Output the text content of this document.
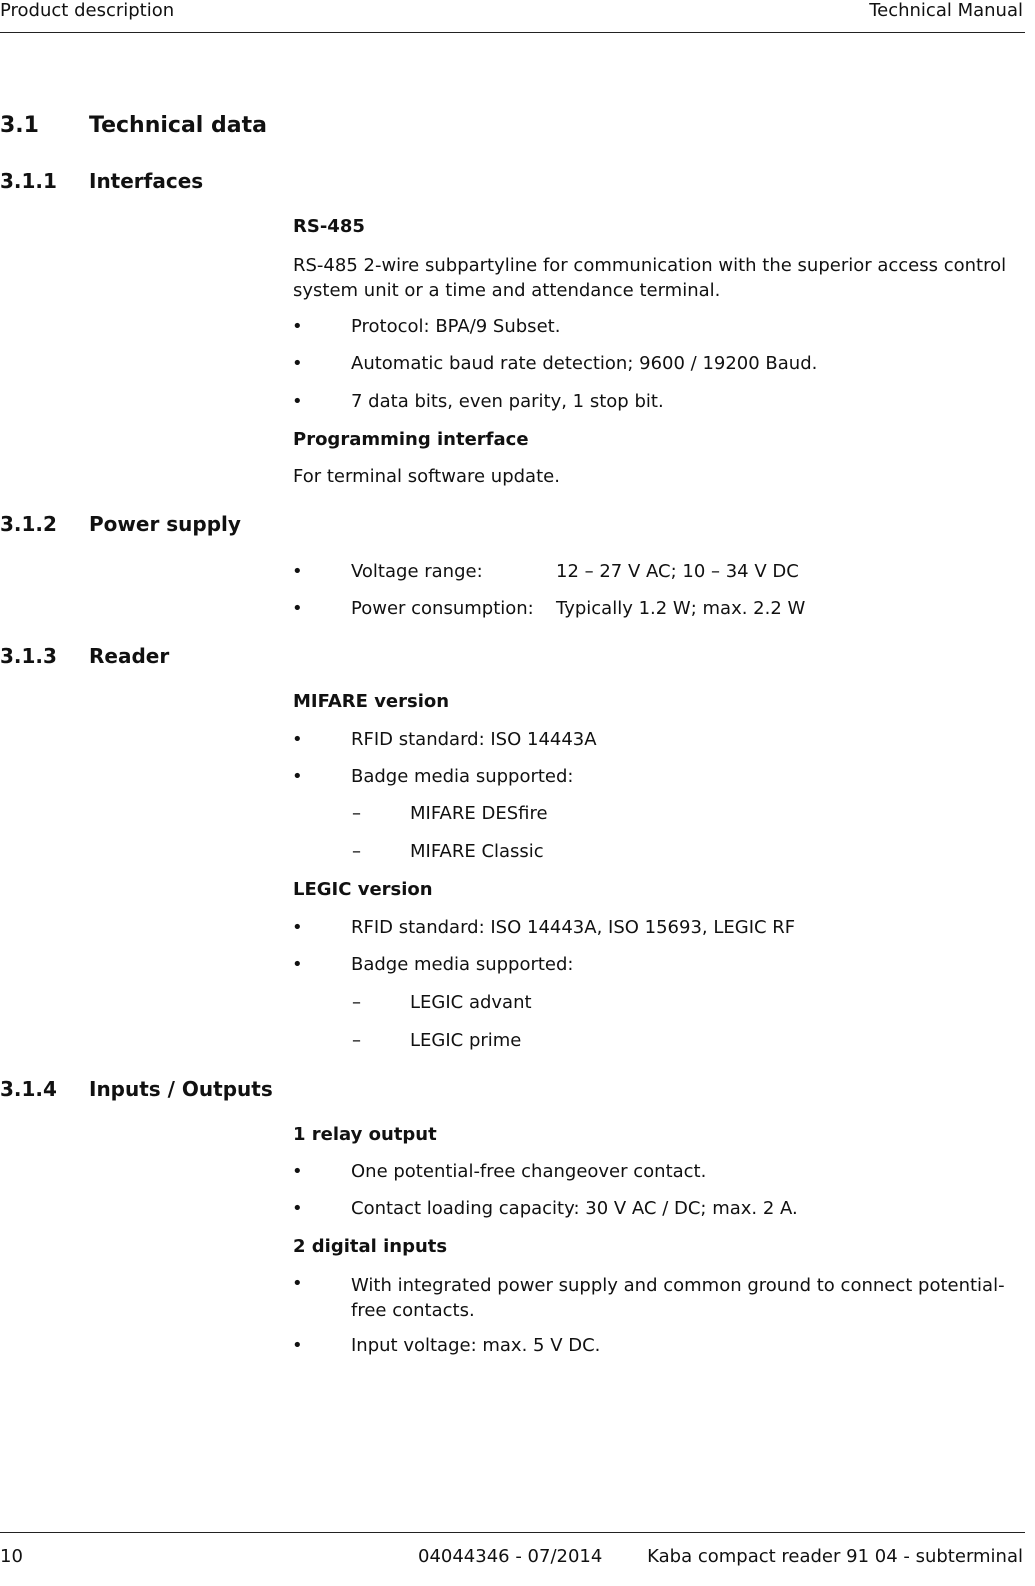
Product description	Technical Manual
3.1 Technical data
3.1.1 Interfaces
RS-485
RS-485 2-wire subpartyline for communication with the superior access control system unit or a time and attendance terminal.
•	Protocol: BPA/9 Subset.
•	Automatic baud rate detection; 9600 / 19200 Baud.
•	7 data bits, even parity, 1 stop bit.
Programming interface
For terminal software update.
3.1.2 Power supply
•	Voltage range:	12 – 27 V AC; 10 – 34 V DC
•	Power consumption: Typically 1.2 W; max. 2.2 W
3.1.3 Reader
MIFARE version
•	RFID standard: ISO 14443A
•	Badge media supported:
–	MIFARE DESfire
–	MIFARE Classic
LEGIC version
•	RFID standard: ISO 14443A, ISO 15693, LEGIC RF
•	Badge media supported:
–	LEGIC advant
–	LEGIC prime
3.1.4 Inputs / Outputs
1 relay output
•	One potential-free changeover contact.
•	Contact loading capacity: 30 V AC / DC; max. 2 A.
2 digital inputs
•	With integrated power supply and common ground to connect potential-free contacts.
•	Input voltage: max. 5 V DC.
10	04044346 - 07/2014 Kaba compact reader 91 04 - subterminal
